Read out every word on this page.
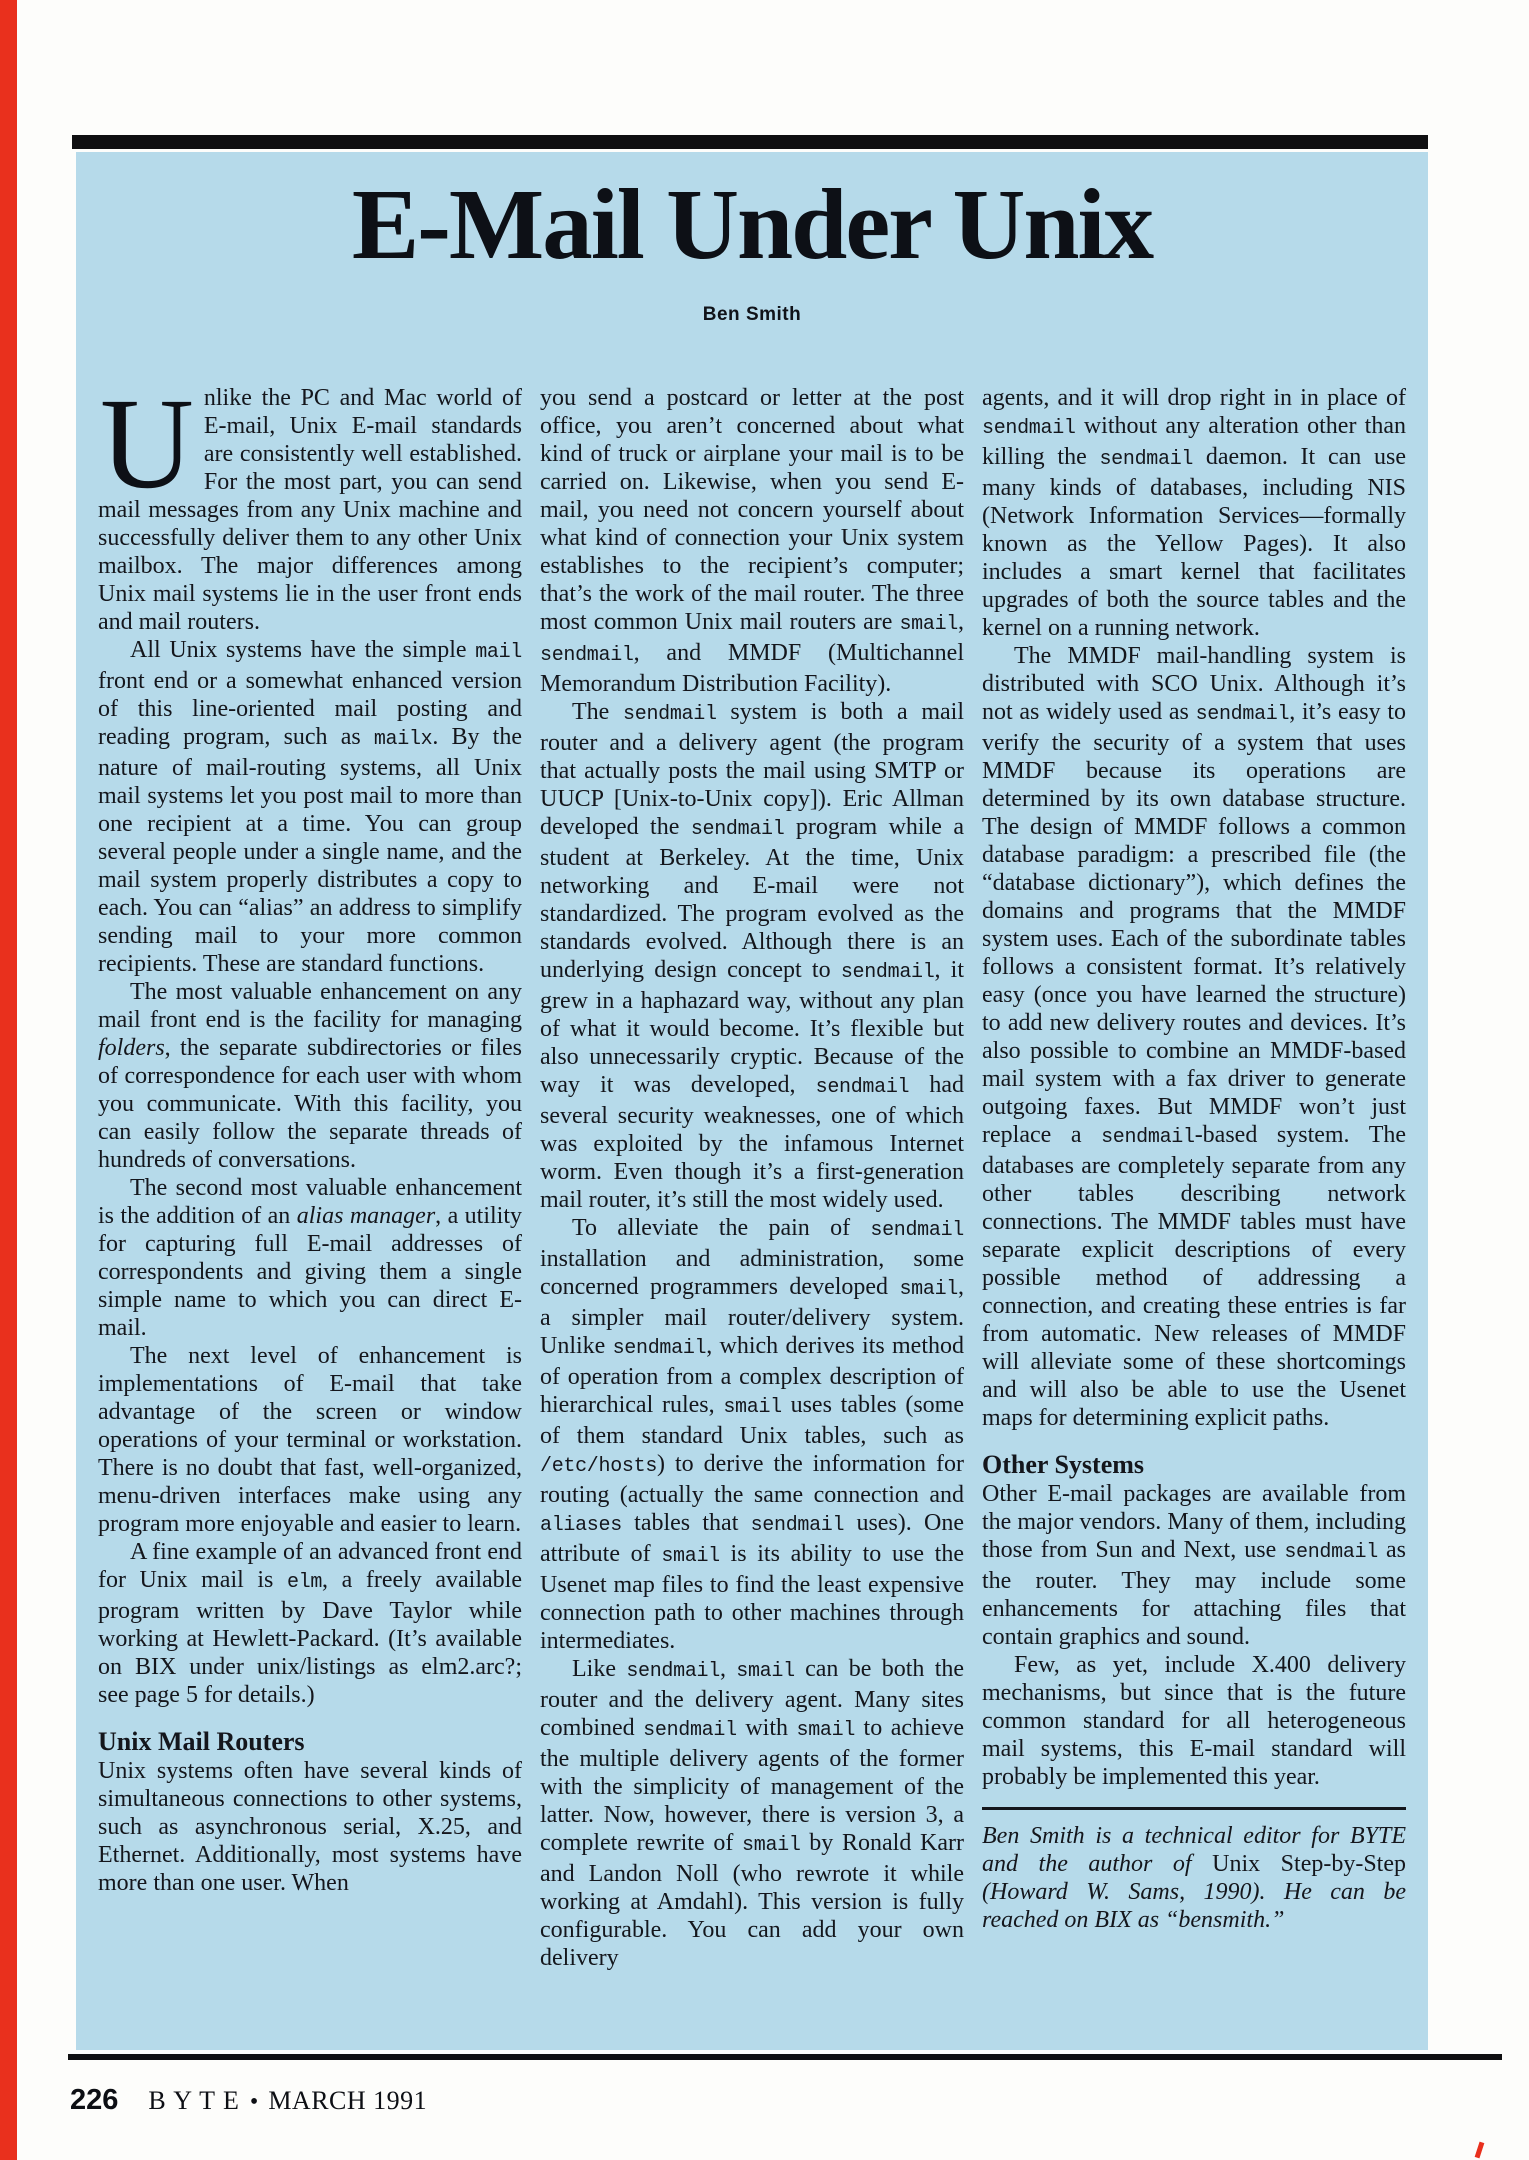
E-Mail Under Unix
Ben Smith

Unlike the PC and Mac world of E-mail, Unix E-mail standards are consistently well established. For the most part, you can send mail messages from any Unix machine and successfully deliver them to any other Unix mailbox. The major differences among Unix mail systems lie in the user front ends and mail routers.

All Unix systems have the simple mail front end or a somewhat enhanced version of this line-oriented mail posting and reading program, such as mailx. By the nature of mail-routing systems, all Unix mail systems let you post mail to more than one recipient at a time. You can group several people under a single name, and the mail system properly distributes a copy to each. You can “alias” an address to simplify sending mail to your more common recipients. These are standard functions.

The most valuable enhancement on any mail front end is the facility for managing folders, the separate subdirectories or files of correspondence for each user with whom you communicate. With this facility, you can easily follow the separate threads of hundreds of conversations.

The second most valuable enhancement is the addition of an alias manager, a utility for capturing full E-mail addresses of correspondents and giving them a single simple name to which you can direct E-mail.

The next level of enhancement is implementations of E-mail that take advantage of the screen or window operations of your terminal or workstation. There is no doubt that fast, well-organized, menu-driven interfaces make using any program more enjoyable and easier to learn.

A fine example of an advanced front end for Unix mail is elm, a freely available program written by Dave Taylor while working at Hewlett-Packard. (It’s available on BIX under unix/listings as elm2.arc?; see page 5 for details.)

Unix Mail Routers

Unix systems often have several kinds of simultaneous connections to other systems, such as asynchronous serial, X.25, and Ethernet. Additionally, most systems have more than one user. When

you send a postcard or letter at the post office, you aren’t concerned about what kind of truck or airplane your mail is to be carried on. Likewise, when you send E-mail, you need not concern yourself about what kind of connection your Unix system establishes to the recipient’s computer; that’s the work of the mail router. The three most common Unix mail routers are smail, sendmail, and MMDF (Multichannel Memorandum Distribution Facility).

The sendmail system is both a mail router and a delivery agent (the program that actually posts the mail using SMTP or UUCP [Unix-to-Unix copy]). Eric Allman developed the sendmail program while a student at Berkeley. At the time, Unix networking and E-mail were not standardized. The program evolved as the standards evolved. Although there is an underlying design concept to sendmail, it grew in a haphazard way, without any plan of what it would become. It’s flexible but also unnecessarily cryptic. Because of the way it was developed, sendmail had several security weaknesses, one of which was exploited by the infamous Internet worm. Even though it’s a first-generation mail router, it’s still the most widely used.

To alleviate the pain of sendmail installation and administration, some concerned programmers developed smail, a simpler mail router/delivery system. Unlike sendmail, which derives its method of operation from a complex description of hierarchical rules, smail uses tables (some of them standard Unix tables, such as /etc/hosts) to derive the information for routing (actually the same connection and aliases tables that sendmail uses). One attribute of smail is its ability to use the Usenet map files to find the least expensive connection path to other machines through intermediates.

Like sendmail, smail can be both the router and the delivery agent. Many sites combined sendmail with smail to achieve the multiple delivery agents of the former with the simplicity of management of the latter. Now, however, there is version 3, a complete rewrite of smail by Ronald Karr and Landon Noll (who rewrote it while working at Amdahl). This version is fully configurable. You can add your own delivery

agents, and it will drop right in in place of sendmail without any alteration other than killing the sendmail daemon. It can use many kinds of databases, including NIS (Network Information Services—formally known as the Yellow Pages). It also includes a smart kernel that facilitates upgrades of both the source tables and the kernel on a running network.

The MMDF mail-handling system is distributed with SCO Unix. Although it’s not as widely used as sendmail, it’s easy to verify the security of a system that uses MMDF because its operations are determined by its own database structure. The design of MMDF follows a common database paradigm: a prescribed file (the “database dictionary”), which defines the domains and programs that the MMDF system uses. Each of the subordinate tables follows a consistent format. It’s relatively easy (once you have learned the structure) to add new delivery routes and devices. It’s also possible to combine an MMDF-based mail system with a fax driver to generate outgoing faxes. But MMDF won’t just replace a sendmail-based system. The databases are completely separate from any other tables describing network connections. The MMDF tables must have separate explicit descriptions of every possible method of addressing a connection, and creating these entries is far from automatic. New releases of MMDF will alleviate some of these shortcomings and will also be able to use the Usenet maps for determining explicit paths.

Other Systems

Other E-mail packages are available from the major vendors. Many of them, including those from Sun and Next, use sendmail as the router. They may include some enhancements for attaching files that contain graphics and sound.

Few, as yet, include X.400 delivery mechanisms, but since that is the future common standard for all heterogeneous mail systems, this E-mail standard will probably be implemented this year.

Ben Smith is a technical editor for BYTE and the author of Unix Step-by-Step (Howard W. Sams, 1990). He can be reached on BIX as “bensmith.”

226 B Y T E • MARCH 1991
